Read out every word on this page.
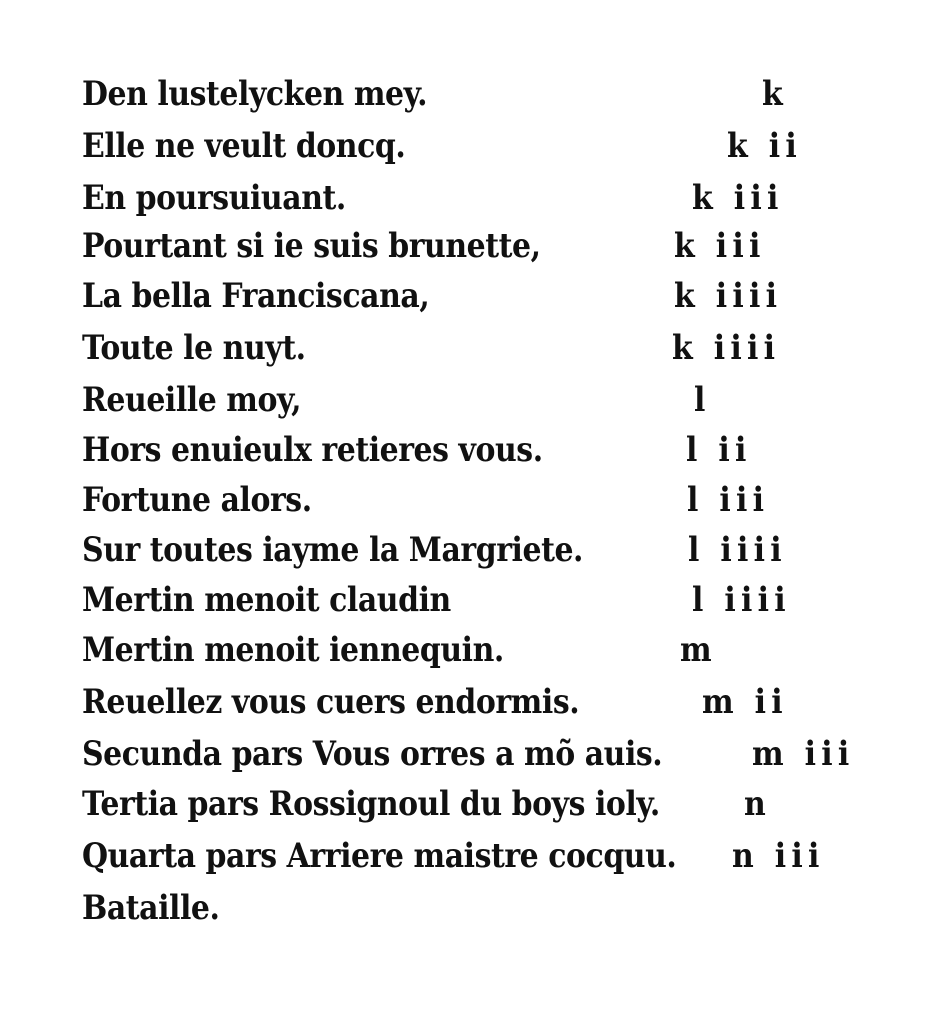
Den lustelycken mey.	k
Elle ne veult doncq.	k ii
En poursuiuant.	k iii
Pourtant si ie suis brunette,	k iii
La bella Franciscana,	k iiii
Toute le nuyt.	k iiii
Reueille moy,	l
Hors enuieulx retieres vous.	l ii
Fortune alors.	l iii
Sur toutes iayme la Margriete.	l iiii
Mertin menoit claudin	l iiii
Mertin menoit iennequin.	m
Reuellez vous cuers endormis.	m ii
Secunda pars Vous orres a mõ auis.	m iii
Tertia pars Rossignoul du boys ioly. n
Quarta pars Arriere maistre cocquu. n iii
Bataille.
